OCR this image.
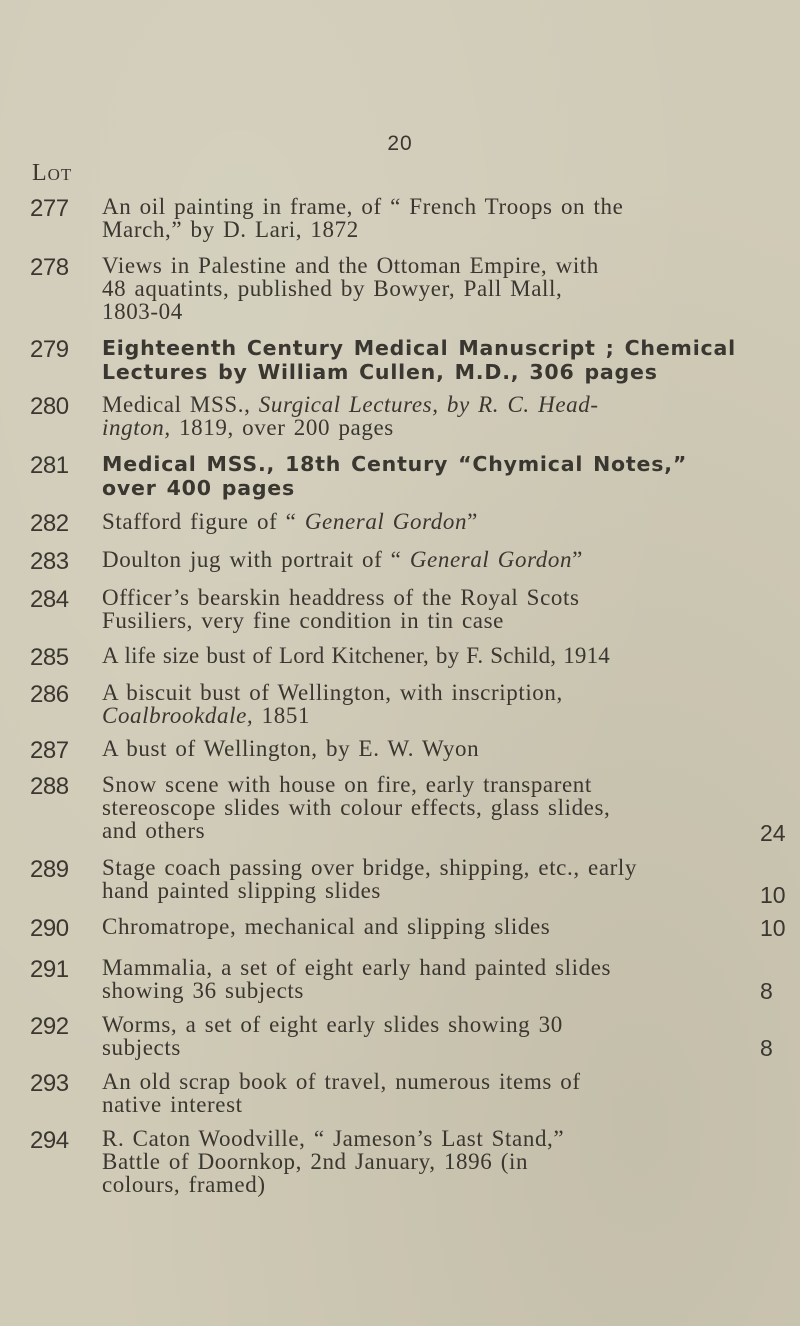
20
Lot
277	An oil painting in frame, of “ French Troops on the
March,” by D. Lari, 1872
278	Views in Palestine and the Ottoman Empire, with
48 aquatints, published by Bowyer, Pall Mall,
1803-04
279	Eighteenth Century Medical Manuscript ; Chemical
Lectures by William Cullen, M.D., 306 pages
280	Medical MSS., Surgical Lectures, by R. C. Head-
ington, 1819, over 200 pages
281	Medical MSS., 18th Century “Chymical Notes,”
over 400 pages
282	Stafford figure of “ General Gordon”
283	Doulton jug with portrait of “ General Gordon”
284	Officer’s bearskin headdress of the Royal Scots
Fusiliers, very fine condition in tin case
285	A life size bust of Lord Kitchener, by F. Schild, 1914
286	A biscuit bust of Wellington, with inscription,
Coalbrookdale, 1851
287	A bust of Wellington, by E. W. Wyon
288	Snow scene with house on fire, early transparent
stereoscope slides with colour effects, glass slides,
and others	24
289	Stage coach passing over bridge, shipping, etc., early
hand painted slipping slides	10
290	Chromatrope, mechanical and slipping slides	10
291	Mammalia, a set of eight early hand painted slides
showing 36 subjects	8
292	Worms, a set of eight early slides showing 30
subjects	8
293	An old scrap book of travel, numerous items of
native interest
294	R. Caton Woodville, “ Jameson’s Last Stand,”
Battle of Doornkop, 2nd January, 1896 (in
colours, framed)
